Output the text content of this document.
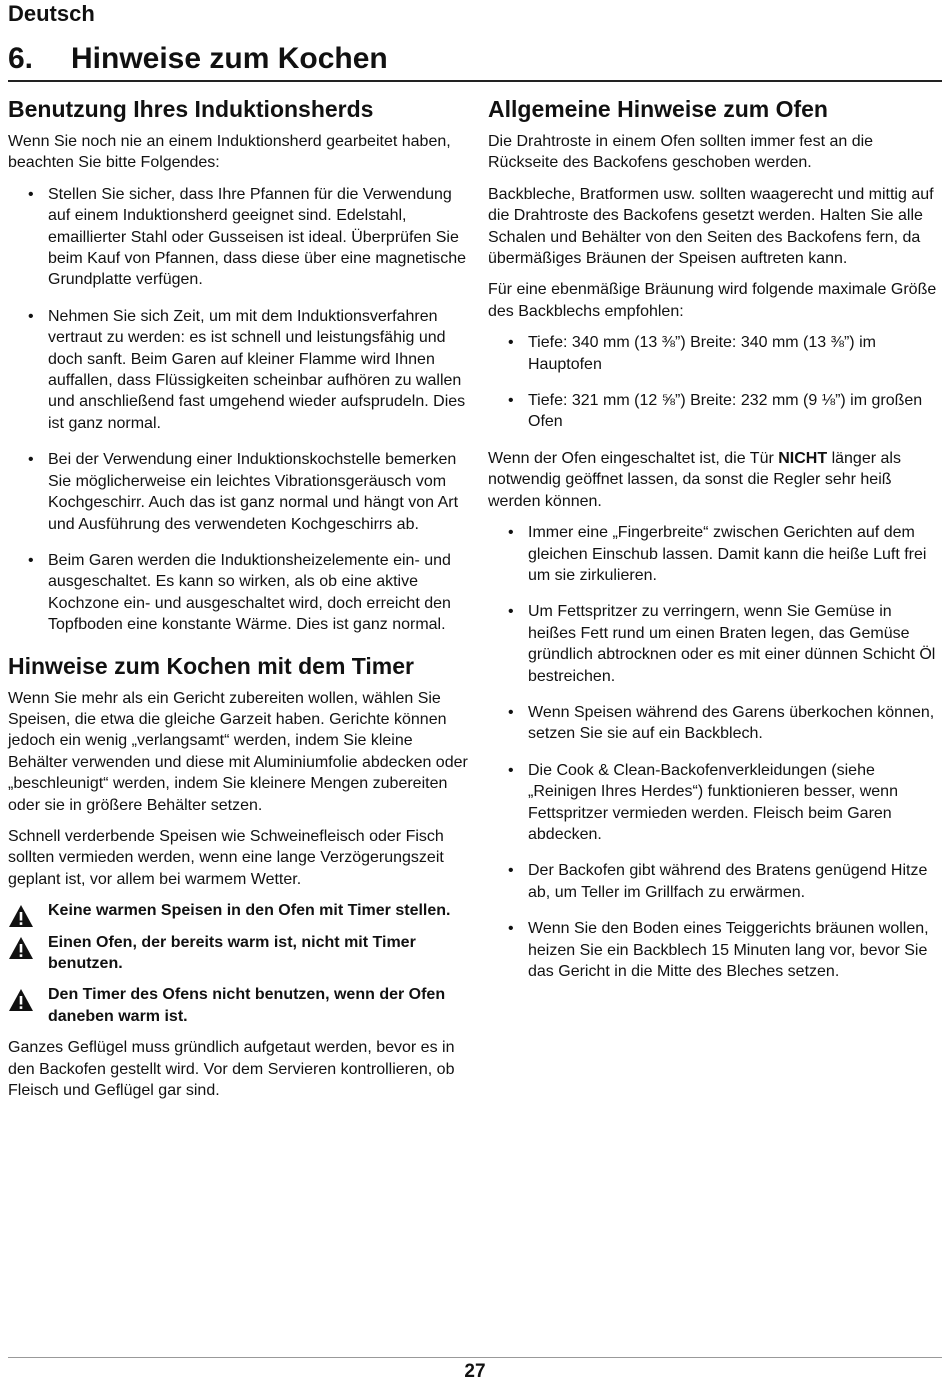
Deutsch
6. Hinweise zum Kochen
Benutzung Ihres Induktionsherds

Wenn Sie noch nie an einem Induktionsherd gearbeitet haben, beachten Sie bitte Folgendes:

• Stellen Sie sicher, dass Ihre Pfannen für die Verwendung auf einem Induktionsherd geeignet sind. Edelstahl, emaillierter Stahl oder Gusseisen ist ideal. Überprüfen Sie beim Kauf von Pfannen, dass diese über eine magnetische Grundplatte verfügen.
• Nehmen Sie sich Zeit, um mit dem Induktionsverfahren vertraut zu werden: es ist schnell und leistungsfähig und doch sanft. Beim Garen auf kleiner Flamme wird Ihnen auffallen, dass Flüssigkeiten scheinbar aufhören zu wallen und anschließend fast umgehend wieder aufsprudeln. Dies ist ganz normal.
• Bei der Verwendung einer Induktionskochstelle bemerken Sie möglicherweise ein leichtes Vibrationsgeräusch vom Kochgeschirr. Auch das ist ganz normal und hängt von Art und Ausführung des verwendeten Kochgeschirrs ab.
• Beim Garen werden die Induktionsheizelemente ein- und ausgeschaltet. Es kann so wirken, als ob eine aktive Kochzone ein- und ausgeschaltet wird, doch erreicht den Topfboden eine konstante Wärme. Dies ist ganz normal.
Hinweise zum Kochen mit dem Timer

Wenn Sie mehr als ein Gericht zubereiten wollen, wählen Sie Speisen, die etwa die gleiche Garzeit haben. Gerichte können jedoch ein wenig „verlangsamt“ werden, indem Sie kleine Behälter verwenden und diese mit Aluminiumfolie abdecken oder „beschleunigt“ werden, indem Sie kleinere Mengen zubereiten oder sie in größere Behälter setzen.

Schnell verderbende Speisen wie Schweinefleisch oder Fisch sollten vermieden werden, wenn eine lange Verzögerungszeit geplant ist, vor allem bei warmem Wetter.

Keine warmen Speisen in den Ofen mit Timer stellen.
Einen Ofen, der bereits warm ist, nicht mit Timer benutzen.
Den Timer des Ofens nicht benutzen, wenn der Ofen daneben warm ist.

Ganzes Geflügel muss gründlich aufgetaut werden, bevor es in den Backofen gestellt wird. Vor dem Servieren kontrollieren, ob Fleisch und Geflügel gar sind.

Allgemeine Hinweise zum Ofen

Die Drahtroste in einem Ofen sollten immer fest an die Rückseite des Backofens geschoben werden.

Backbleche, Bratformen usw. sollten waagerecht und mittig auf die Drahtroste des Backofens gesetzt werden. Halten Sie alle Schalen und Behälter von den Seiten des Backofens fern, da übermäßiges Bräunen der Speisen auftreten kann.

Für eine ebenmäßige Bräunung wird folgende maximale Größe des Backblechs empfohlen:

• Tiefe: 340 mm (13 ⅜”) Breite: 340 mm (13 ⅜”) im Hauptofen
• Tiefe: 321 mm (12 ⅝”) Breite: 232 mm (9 ⅛”) im großen Ofen

Wenn der Ofen eingeschaltet ist, die Tür NICHT länger als notwendig geöffnet lassen, da sonst die Regler sehr heiß werden können.

• Immer eine „Fingerbreite“ zwischen Gerichten auf dem gleichen Einschub lassen. Damit kann die heiße Luft frei um sie zirkulieren.
• Um Fettspritzer zu verringern, wenn Sie Gemüse in heißes Fett rund um einen Braten legen, das Gemüse gründlich abtrocknen oder es mit einer dünnen Schicht Öl bestreichen.
• Wenn Speisen während des Garens überkochen können, setzen Sie sie auf ein Backblech.
• Die Cook & Clean-Backofenverkleidungen (siehe „Reinigen Ihres Herdes“) funktionieren besser, wenn Fettspritzer vermieden werden. Fleisch beim Garen abdecken.
• Der Backofen gibt während des Bratens genügend Hitze ab, um Teller im Grillfach zu erwärmen.
• Wenn Sie den Boden eines Teiggerichts bräunen wollen, heizen Sie ein Backblech 15 Minuten lang vor, bevor Sie das Gericht in die Mitte des Bleches setzen.
27
